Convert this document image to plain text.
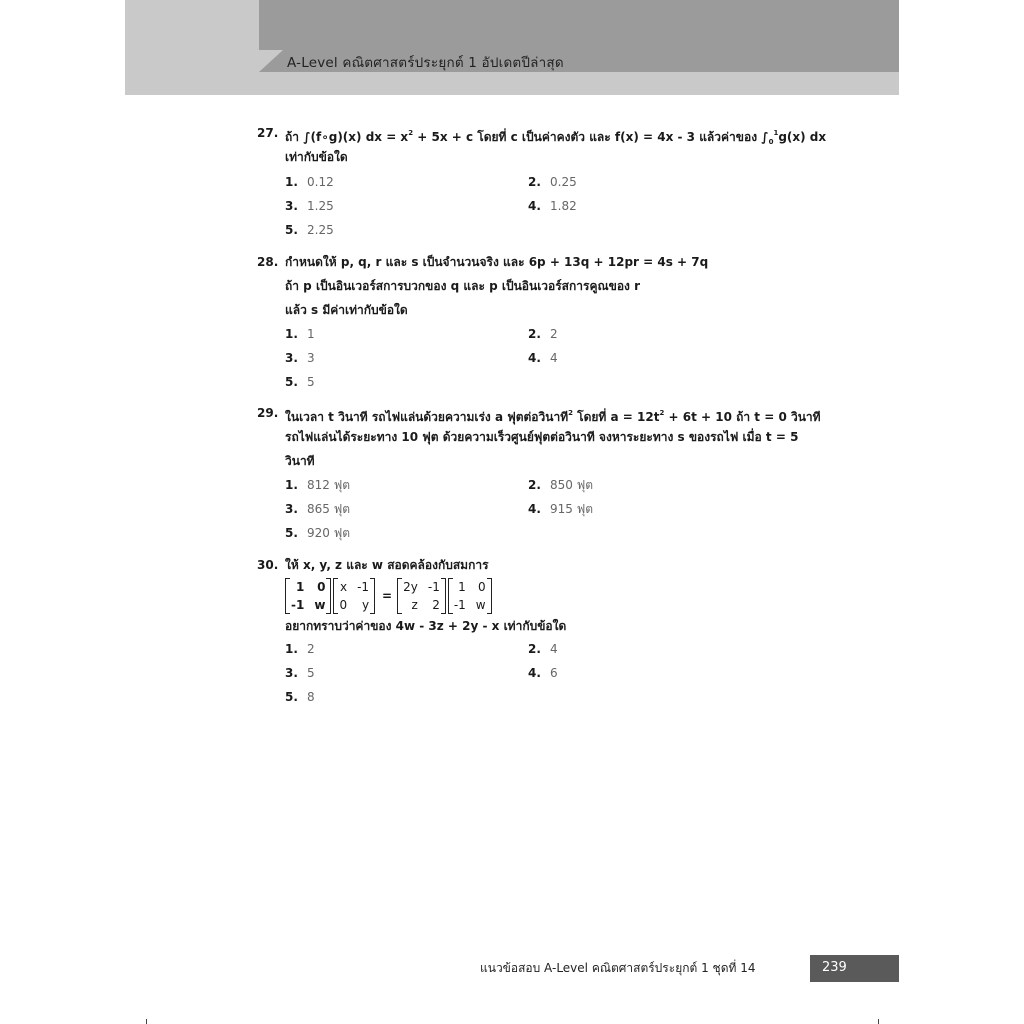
A-Level คณิตศาสตร์ประยุกต์ 1 อัปเดตปีล่าสุด
27. ถ้า ∫(f∘g)(x) dx = $x^2 + 5x + c$ โดยที่ c เป็นค่าคงตัว และ f(x) = 4x - 3 แล้วค่าของ $\int_0^1g(x)$ dx
เท่ากับข้อใด
1. 0.12	2. 0.25
3. 1.25	4. 1.82
5. 2.25
28. กำหนดให้ p, q, r และ s เป็นจำนวนจริง และ 6p + 13q + 12pr = 4s + 7q
ถ้า p เป็นอินเวอร์สการบวกของ q และ p เป็นอินเวอร์สการคูณของ r
แล้ว s มีค่าเท่ากับข้อใด
1. 1	2. 2
3. 3	4. 4
5. 5
29. ในเวลา t วินาที รถไฟแล่นด้วยความเร่ง a ฟุตต่อวินาที$^2$ โดยที่ $a = 12t^2 + 6t + 10$ ถ้า t = 0 วินาที
รถไฟแล่นได้ระยะทาง 10 ฟุต ด้วยความเร็วศูนย์ฟุตต่อวินาที จงหาระยะทาง s ของรถไฟ เมื่อ t = 5
วินาที
1. 812 ฟุต	2. 850 ฟุต
3. 865 ฟุต	4. 915 ฟุต
5. 920 ฟุต
30. ให้ x, y, z และ w สอดคล้องกับสมการ
1 0
-1 w
x -1
0	y
=
2y -1
z	2
1 0
-1 w
อยากทราบว่าค่าของ 4w - 3z + 2y - x เท่ากับข้อใด
1. 2	2. 4
3. 5	4. 6
5. 8
แนวข้อสอบ A-Level คณิตศาสตร์ประยุกต์ 1 ชุดที่ 14	239
